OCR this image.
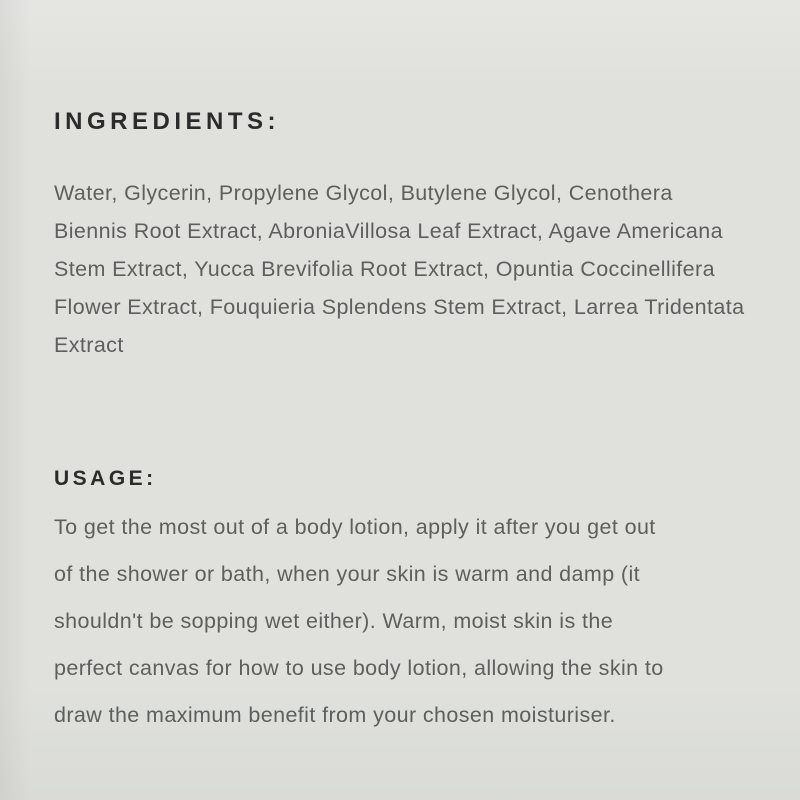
INGREDIENTS:
Water, Glycerin, Propylene Glycol, Butylene Glycol, Cenothera
Biennis Root Extract, AbroniaVillosa Leaf Extract, Agave Americana
Stem Extract, Yucca Brevifolia Root Extract, Opuntia Coccinellifera
Flower Extract, Fouquieria Splendens Stem Extract, Larrea Tridentata
Extract
USAGE:
To get the most out of a body lotion, apply it after you get out
of the shower or bath, when your skin is warm and damp (it
shouldn't be sopping wet either). Warm, moist skin is the
perfect canvas for how to use body lotion, allowing the skin to
draw the maximum benefit from your chosen moisturiser.
